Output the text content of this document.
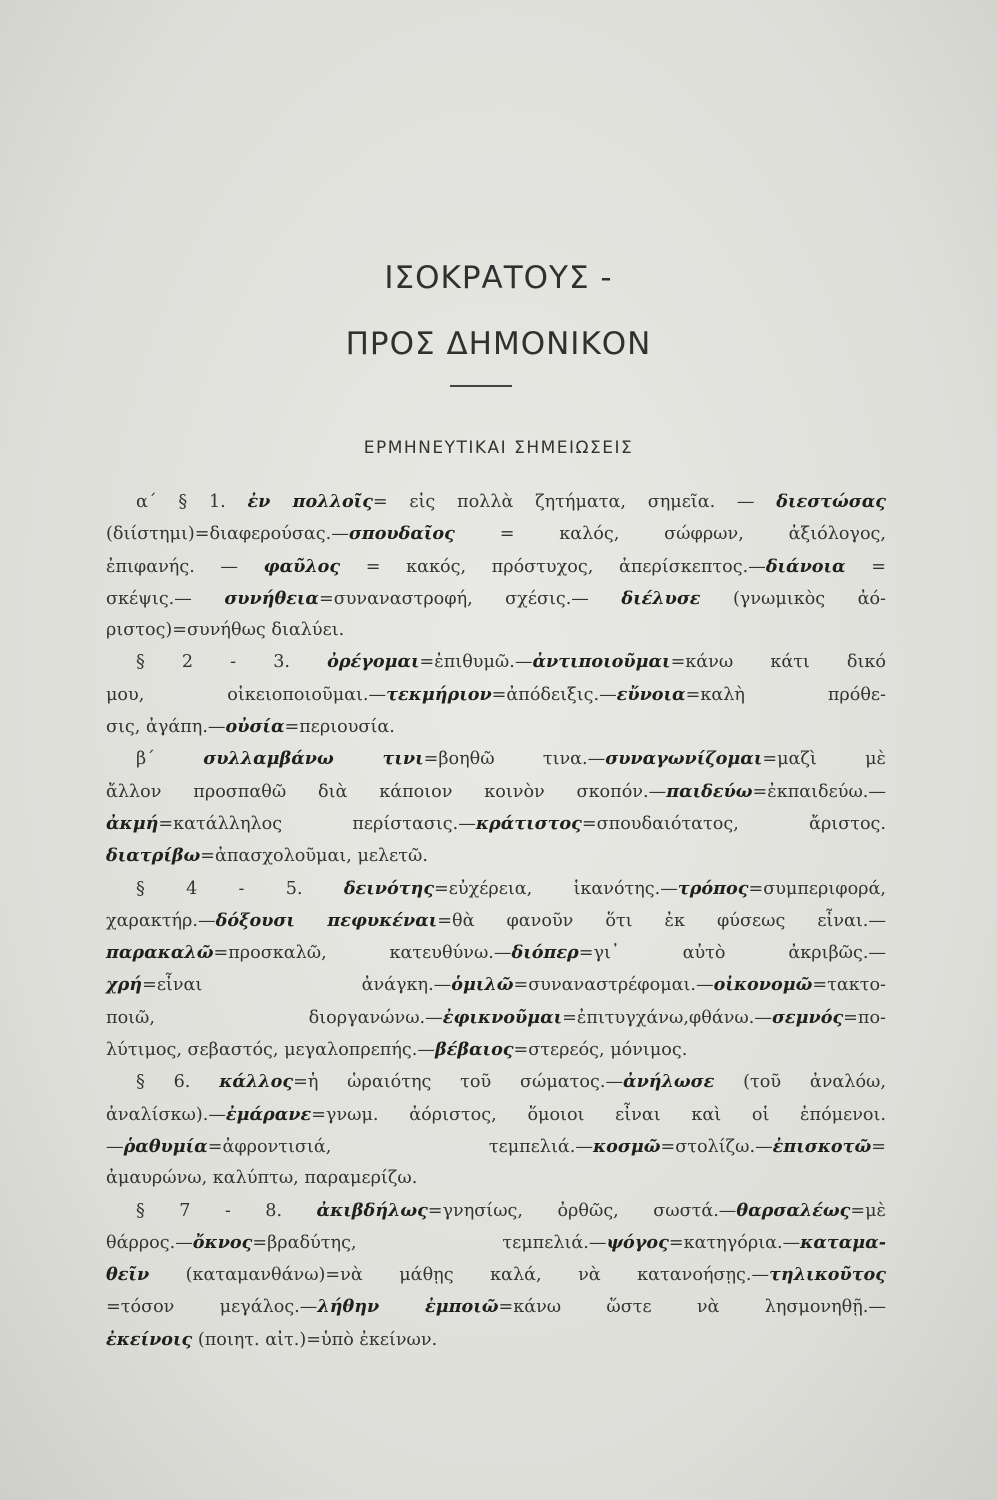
ΙΣΟΚΡΑΤΟΥΣ -
ΠΡΟΣ ΔΗΜΟΝΙΚΟΝ
ΕΡΜΗΝΕΥΤΙΚΑΙ ΣΗΜΕΙΩΣΕΙΣ
α΄ § 1. ἐν πολλοῖς= εἰς πολλὰ ζητήματα, σημεῖα. — διεστώσας
(διίστημι)=διαφερούσας.—σπουδαῖος = καλός, σώφρων, ἀξιόλογος,
ἐπιφανής. — φαῦλος = κακός, πρόστυχος, ἀπερίσκεπτος.—διάνοια =
σκέψις.— συνήθεια=συναναστροφή, σχέσις.— διέλυσε (γνωμικὸς ἀό-
ριστος)=συνήθως διαλύει.
§ 2 - 3. ὀρέγομαι=ἐπιθυμῶ.—ἀντιποιοῦμαι=κάνω κάτι δικό
μου, οἰκειοποιοῦμαι.—τεκμήριον=ἀπόδειξις.—εὔνοια=καλὴ πρόθε-
σις, ἀγάπη.—οὐσία=περιουσία.
β΄ συλλαμβάνω τινι=βοηθῶ τινα.—συναγωνίζομαι=μαζὶ μὲ
ἄλλον προσπαθῶ διὰ κάποιον κοινὸν σκοπόν.—παιδεύω=ἐκπαιδεύω.—
ἀκμή=κατάλληλος περίστασις.—κράτιστος=σπουδαιότατος, ἄριστος.
διατρίβω=ἀπασχολοῦμαι, μελετῶ.
§ 4 - 5. δεινότης=εὐχέρεια, ἱκανότης.—τρόπος=συμπεριφορά,
χαρακτήρ.—δόξουσι πεφυκέναι=θὰ φανοῦν ὅτι ἐκ φύσεως εἶναι.—
παρακαλῶ=προσκαλῶ, κατευθύνω.—διόπερ=γι᾿ αὐτὸ ἀκριβῶς.—
χρή=εἶναι ἀνάγκη.—ὁμιλῶ=συναναστρέφομαι.—οἰκονομῶ=τακτο-
ποιῶ, διοργανώνω.—ἐφικνοῦμαι=ἐπιτυγχάνω,φθάνω.—σεμνός=πο-
λύτιμος, σεβαστός, μεγαλοπρεπής.—βέβαιος=στερεός, μόνιμος.
§ 6. κάλλος=ἡ ὡραιότης τοῦ σώματος.—ἀνήλωσε (τοῦ ἀναλόω,
ἀναλίσκω).—ἐμάρανε=γνωμ. ἀόριστος, ὅμοιοι εἶναι καὶ οἱ ἑπόμενοι.
—ῥαθυμία=ἀφροντισιά, τεμπελιά.—κοσμῶ=στολίζω.—ἐπισκοτῶ=
ἀμαυρώνω, καλύπτω, παραμερίζω.
§ 7 - 8. ἀκιβδήλως=γνησίως, ὀρθῶς, σωστά.—θαρσαλέως=μὲ
θάρρος.—ὄκνος=βραδύτης, τεμπελιά.—ψόγος=κατηγόρια.—καταμα-
θεῖν (καταμανθάνω)=νὰ μάθῃς καλά, νὰ κατανοήσῃς.—τηλικοῦτος
=τόσον μεγάλος.—λήθην ἐμποιῶ=κάνω ὥστε νὰ λησμονηθῇ.—
ἐκείνοις (ποιητ. αἰτ.)=ὑπὸ ἐκείνων.
